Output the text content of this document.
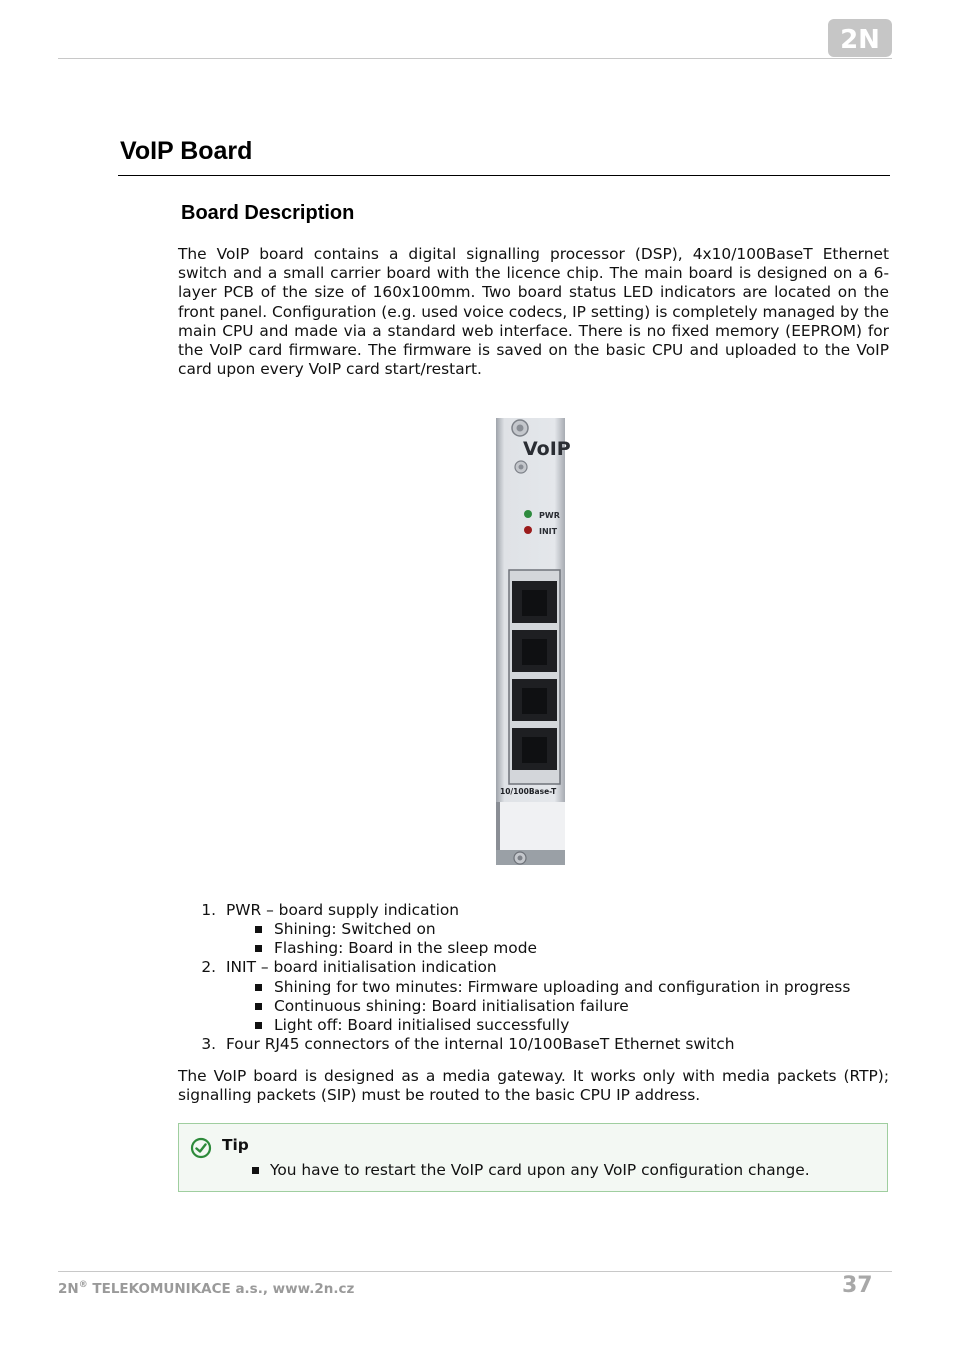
2N
VoIP Board
Board Description
The VoIP board contains a digital signalling processor (DSP), 4x10/100BaseT Ethernet switch and a small carrier board with the licence chip. The main board is designed on a 6-layer PCB of the size of 160x100mm. Two board status LED indicators are located on the front panel. Configuration (e.g. used voice codecs, IP setting) is completely managed by the main CPU and made via a standard web interface. There is no fixed memory (EEPROM) for the VoIP card firmware. The firmware is saved on the basic CPU and uploaded to the VoIP card upon every VoIP card start/restart.
VoIP
PWR
INIT
10/100Base-T
1. PWR – board supply indication
Shining: Switched on
Flashing: Board in the sleep mode
2. INIT – board initialisation indication
Shining for two minutes: Firmware uploading and configuration in progress
Continuous shining: Board initialisation failure
Light off: Board initialised successfully
3. Four RJ45 connectors of the internal 10/100BaseT Ethernet switch
The VoIP board is designed as a media gateway. It works only with media packets (RTP); signalling packets (SIP) must be routed to the basic CPU IP address.
Tip
You have to restart the VoIP card upon any VoIP configuration change.
2N® TELEKOMUNIKACE a.s., www.2n.cz	37
